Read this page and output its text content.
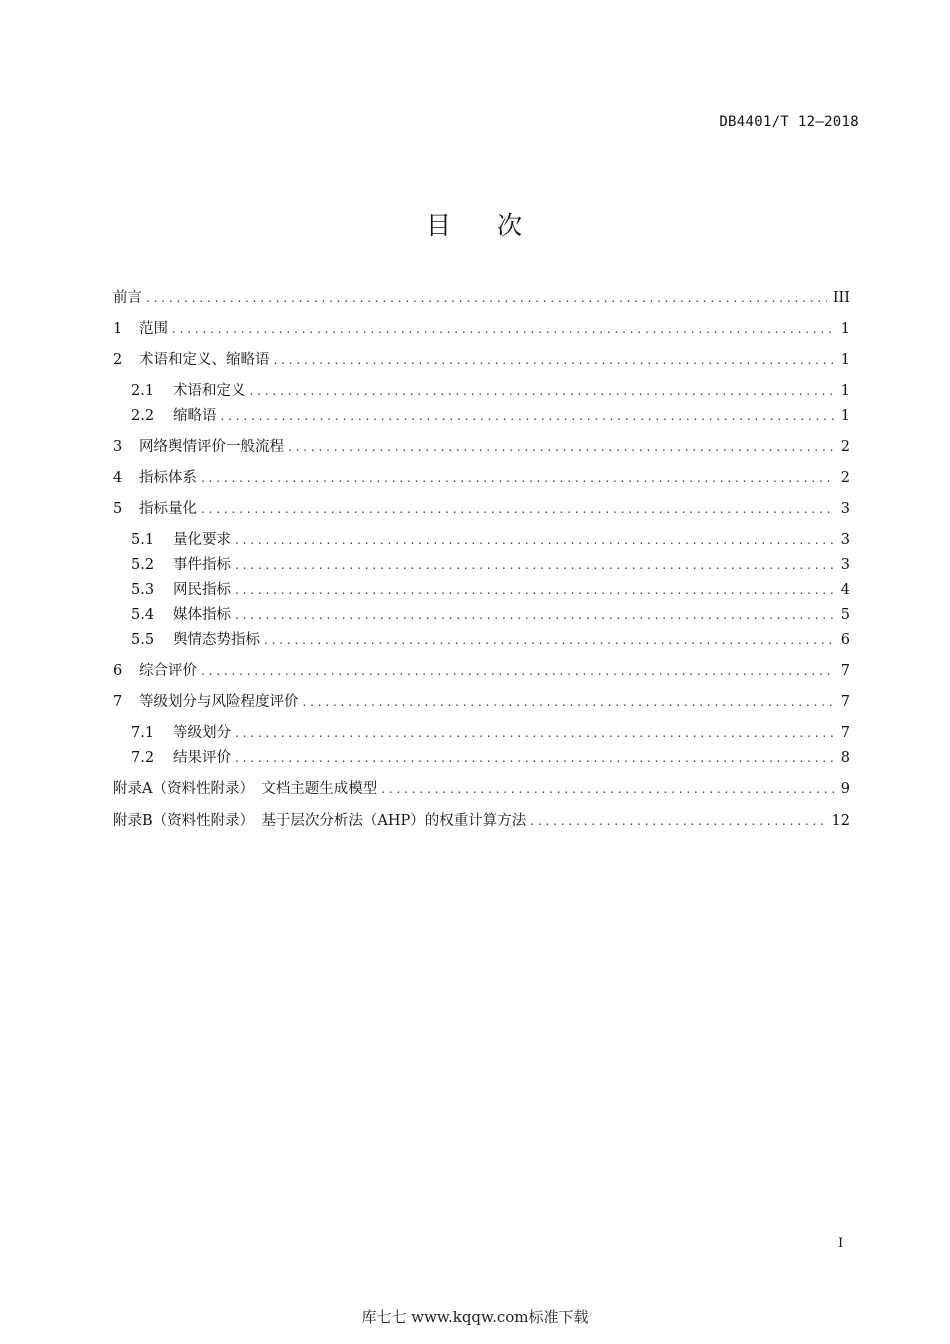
DB4401/T 12—2018
目 次
前言 . . .	III
1	范围 . . .	1
2	术语和定义、缩略语 . . .	1
2.1	术语和定义 . . .	1
2.2	缩略语 . . .	1
3	网络舆情评价一般流程 . . .	2
4	指标体系 . . .	2
5	指标量化 . . .	3
5.1	量化要求 . . .	3
5.2	事件指标 . . .	3
5.3	网民指标 . . .	4
5.4	媒体指标 . . .	5
5.5	舆情态势指标 . . .	6
6	综合评价 . . .	7
7	等级划分与风险程度评价 . . .	7
7.1	等级划分 . . .	7
7.2	结果评价 . . .	8
附录A（资料性附录）　文档主题生成模型 . . .	9
附录B（资料性附录）　基于层次分析法（AHP）的权重计算方法 . . .	12
I
库七七 www.kqqw.com标准下载
